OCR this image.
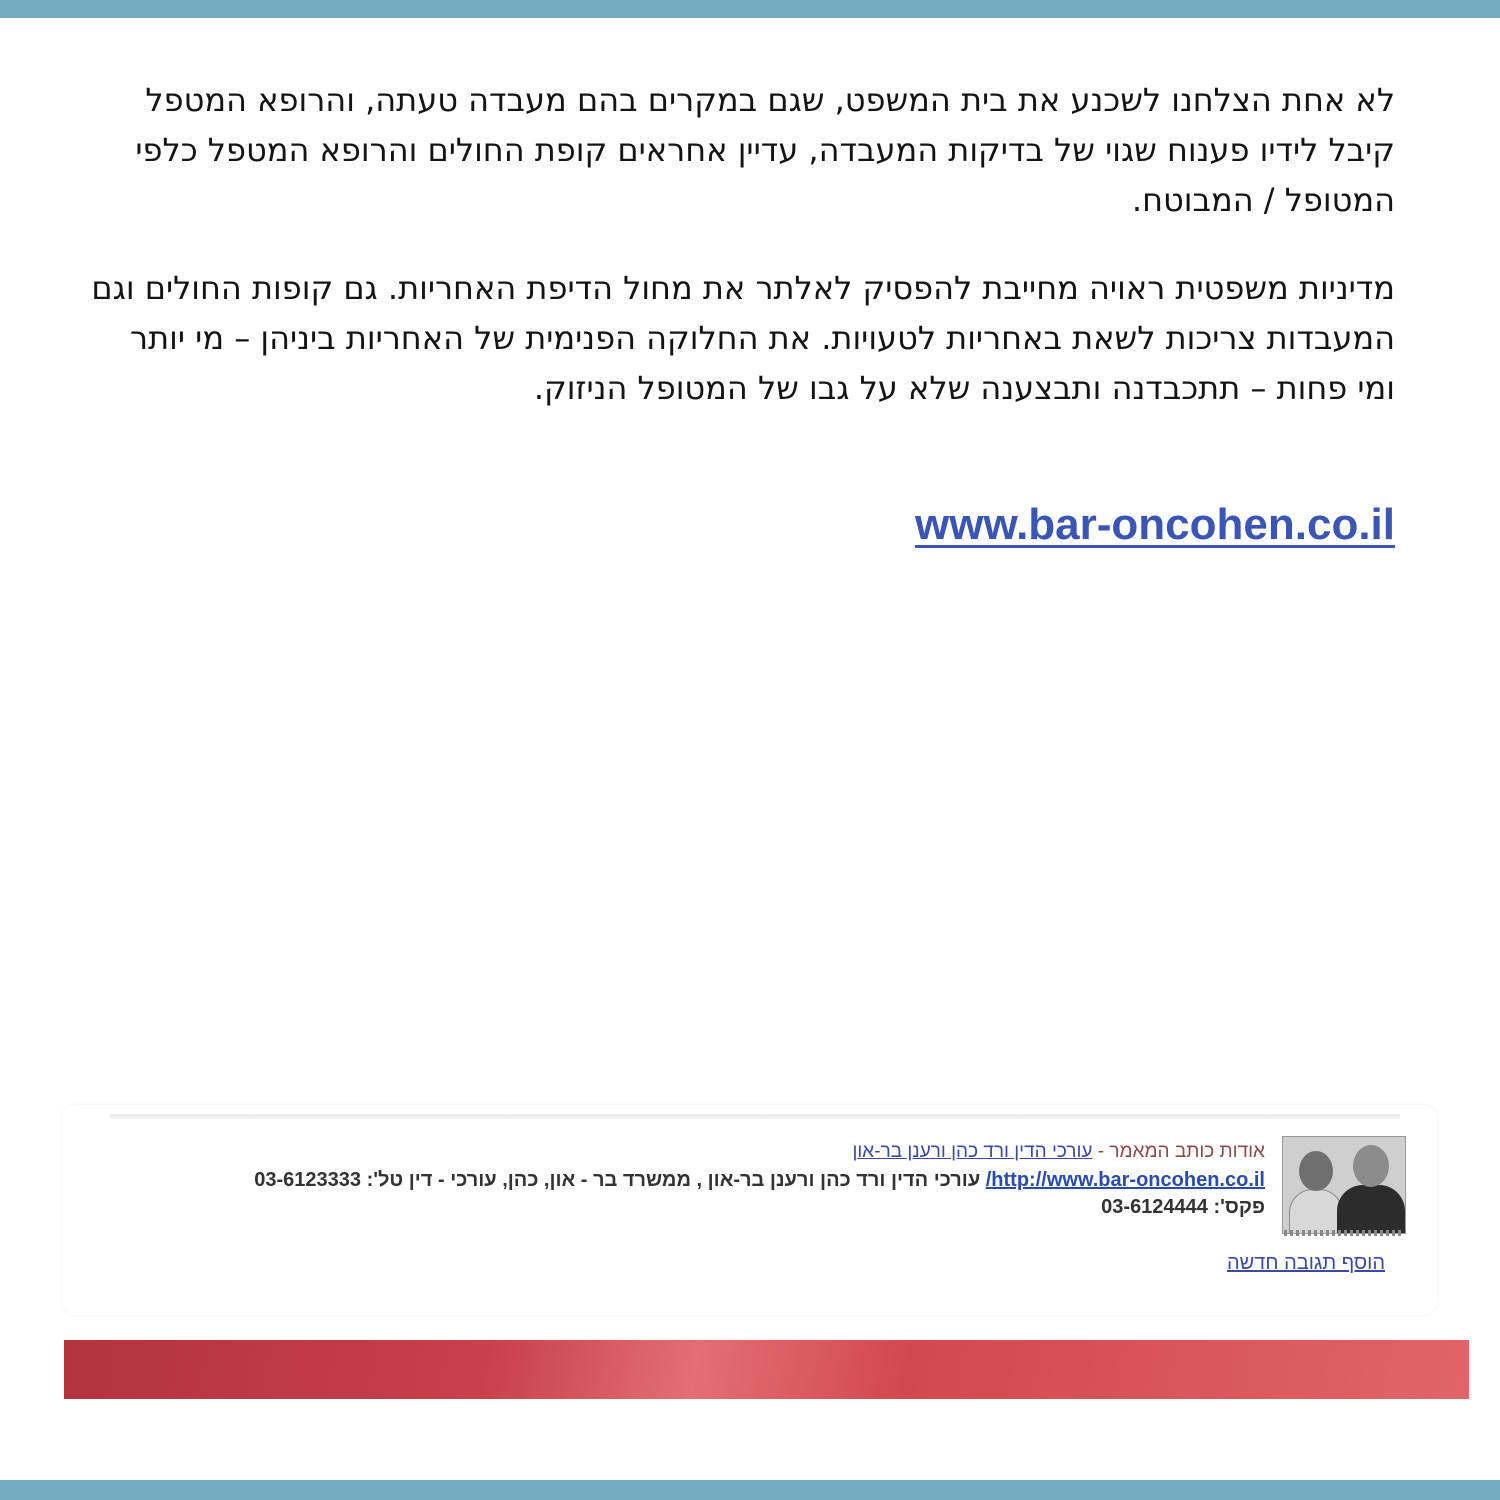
לא אחת הצלחנו לשכנע את בית המשפט, שגם במקרים בהם מעבדה טעתה, והרופא המטפל קיבל לידיו פענוח שגוי של בדיקות המעבדה, עדיין אחראים קופת החולים והרופא המטפל כלפי המטופל / המבוטח.

מדיניות משפטית ראויה מחייבת להפסיק לאלתר את מחול הדיפת האחריות. גם קופות החולים וגם המעבדות צריכות לשאת באחריות לטעויות. את החלוקה הפנימית של האחריות ביניהן – מי יותר ומי פחות – תתכבדנה ותבצענה שלא על גבו של המטופל הניזוק.

www.bar-oncohen.co.il

אודות כותב המאמר - עורכי הדין ורד כהן ורענן בר-און

http://www.bar-oncohen.co.il/ עורכי הדין ורד כהן ורענן בר-און , ממשרד בר - און, כהן, עורכי - דין טל': 03-6123333

פקס': 03-6124444

הוסף תגובה חדשה
